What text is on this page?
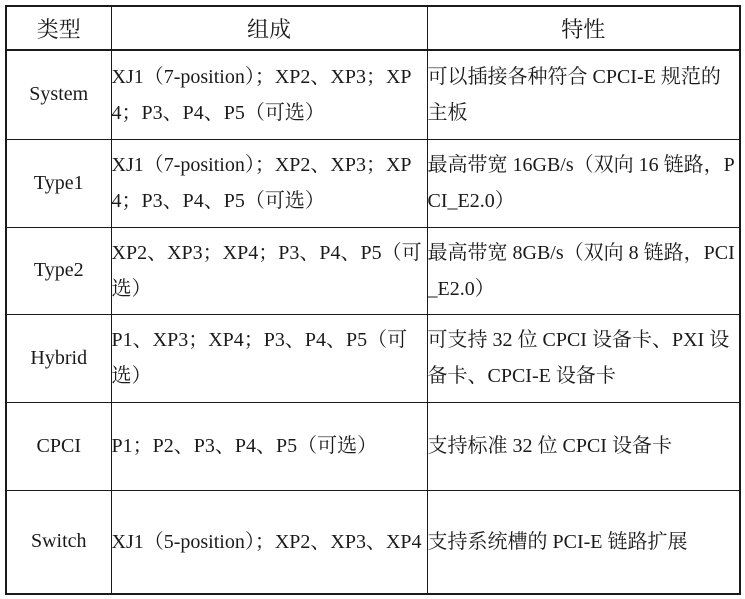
类型	组成	特性
System	XJ1（7-position）；XP2、XP3；XP4；P3、P4、P5（可选）	可以插接各种符合 CPCI-E 规范的主板
Type1	XJ1（7-position）；XP2、XP3；XP4；P3、P4、P5（可选）	最高带宽 16GB/s（双向 16 链路，PCI_E2.0）
Type2	XP2、XP3；XP4；P3、P4、P5（可选）	最高带宽 8GB/s（双向 8 链路，PCI_E2.0）
Hybrid	P1、XP3；XP4；P3、P4、P5（可选）	可支持 32 位 CPCI 设备卡、PXI 设备卡、CPCI-E 设备卡
CPCI	P1；P2、P3、P4、P5（可选）	支持标准 32 位 CPCI 设备卡
Switch	XJ1（5-position）；XP2、XP3、XP4	支持系统槽的 PCI-E 链路扩展
